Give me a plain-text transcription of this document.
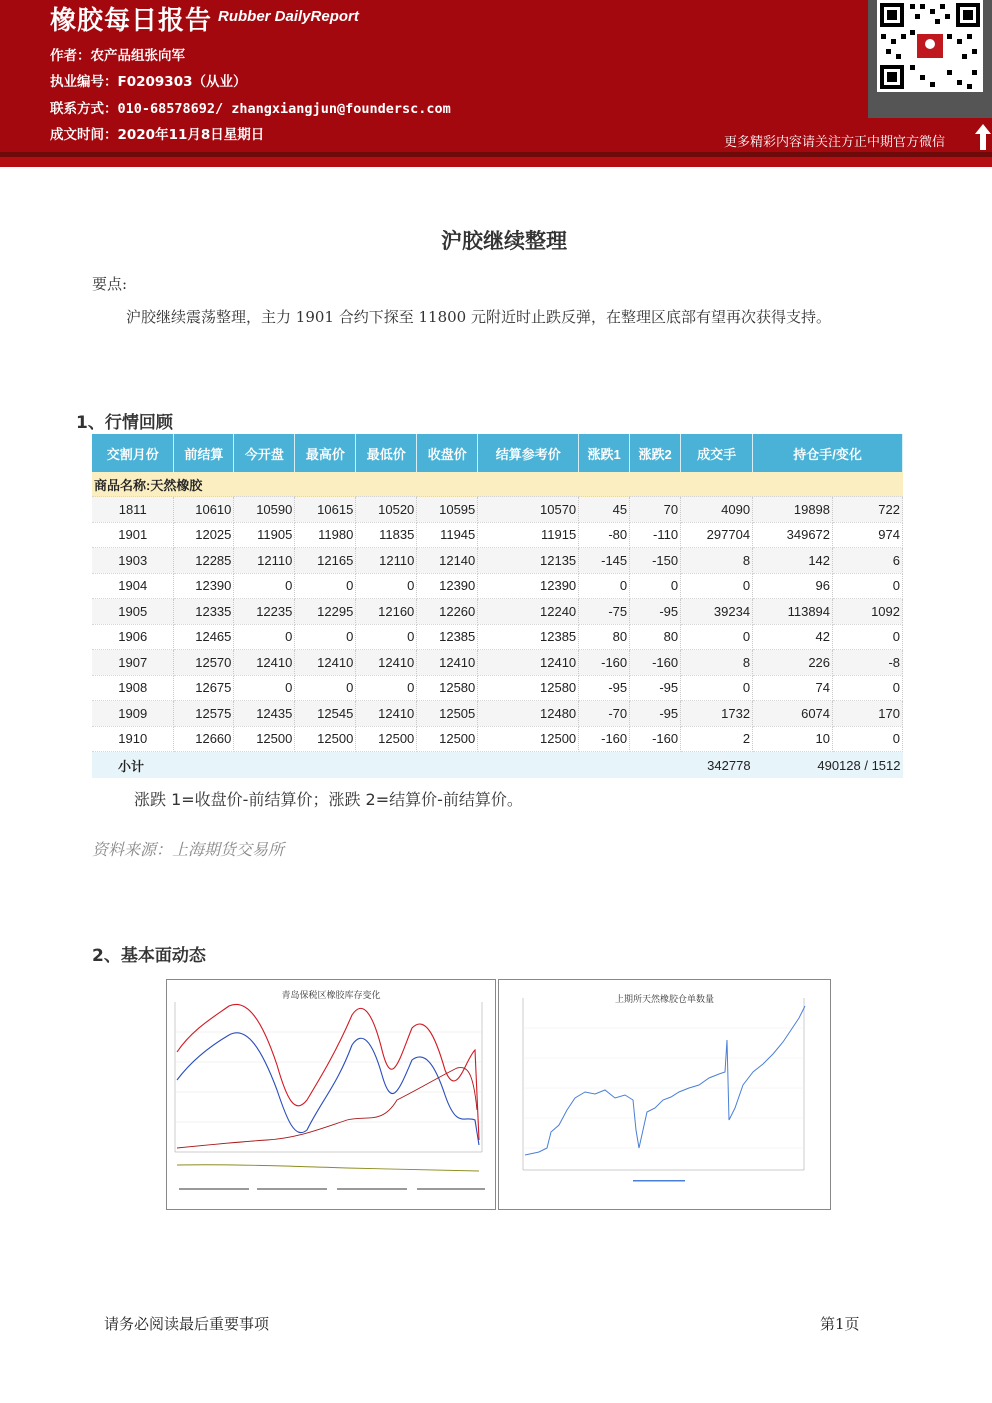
橡胶每日报告 Rubber DailyReport
作者：农产品组张向军
执业编号：F0209303（从业）
联系方式：010-68578692/ zhangxiangjun@foundersc.com
成文时间：2020年11月8日星期日	更多精彩内容请关注方正中期官方微信
沪胶继续整理
要点:
沪胶继续震荡整理，主力 1901 合约下探至 11800 元附近时止跌反弹，在整理区底部有望再次获得支持。
1、行情回顾
交割月份	前结算	今开盘	最高价	最低价	收盘价	结算参考价	涨跌1	涨跌2	成交手	持仓手/变化	
商品名称:天然橡胶											
1811	10610	10590	10615	10520	10595	10570	45	70	4090	19898	722
1901	12025	11905	11980	11835	11945	11915	-80	-110	297704	349672	974
1903	12285	12110	12165	12110	12140	12135	-145	-150	8	142	6
1904	12390	0	0	0	12390	12390	0	0	0	96	0
1905	12335	12235	12295	12160	12260	12240	-75	-95	39234	113894	1092
1906	12465	0	0	0	12385	12385	80	80	0	42	0
1907	12570	12410	12410	12410	12410	12410	-160	-160	8	226	-8
1908	12675	0	0	0	12580	12580	-95	-95	0	74	0
1909	12575	12435	12545	12410	12505	12480	-70	-95	1732	6074	170
1910	12660	12500	12500	12500	12500	12500	-160	-160	2	10	0
小计									342778	490128 / 1512	
涨跌 1=收盘价-前结算价；涨跌 2=结算价-前结算价。
资料来源：上海期货交易所
2、基本面动态
青岛保税区橡胶库存变化	上期所天然橡胶仓单数量
请务必阅读最后重要事项	第1页
